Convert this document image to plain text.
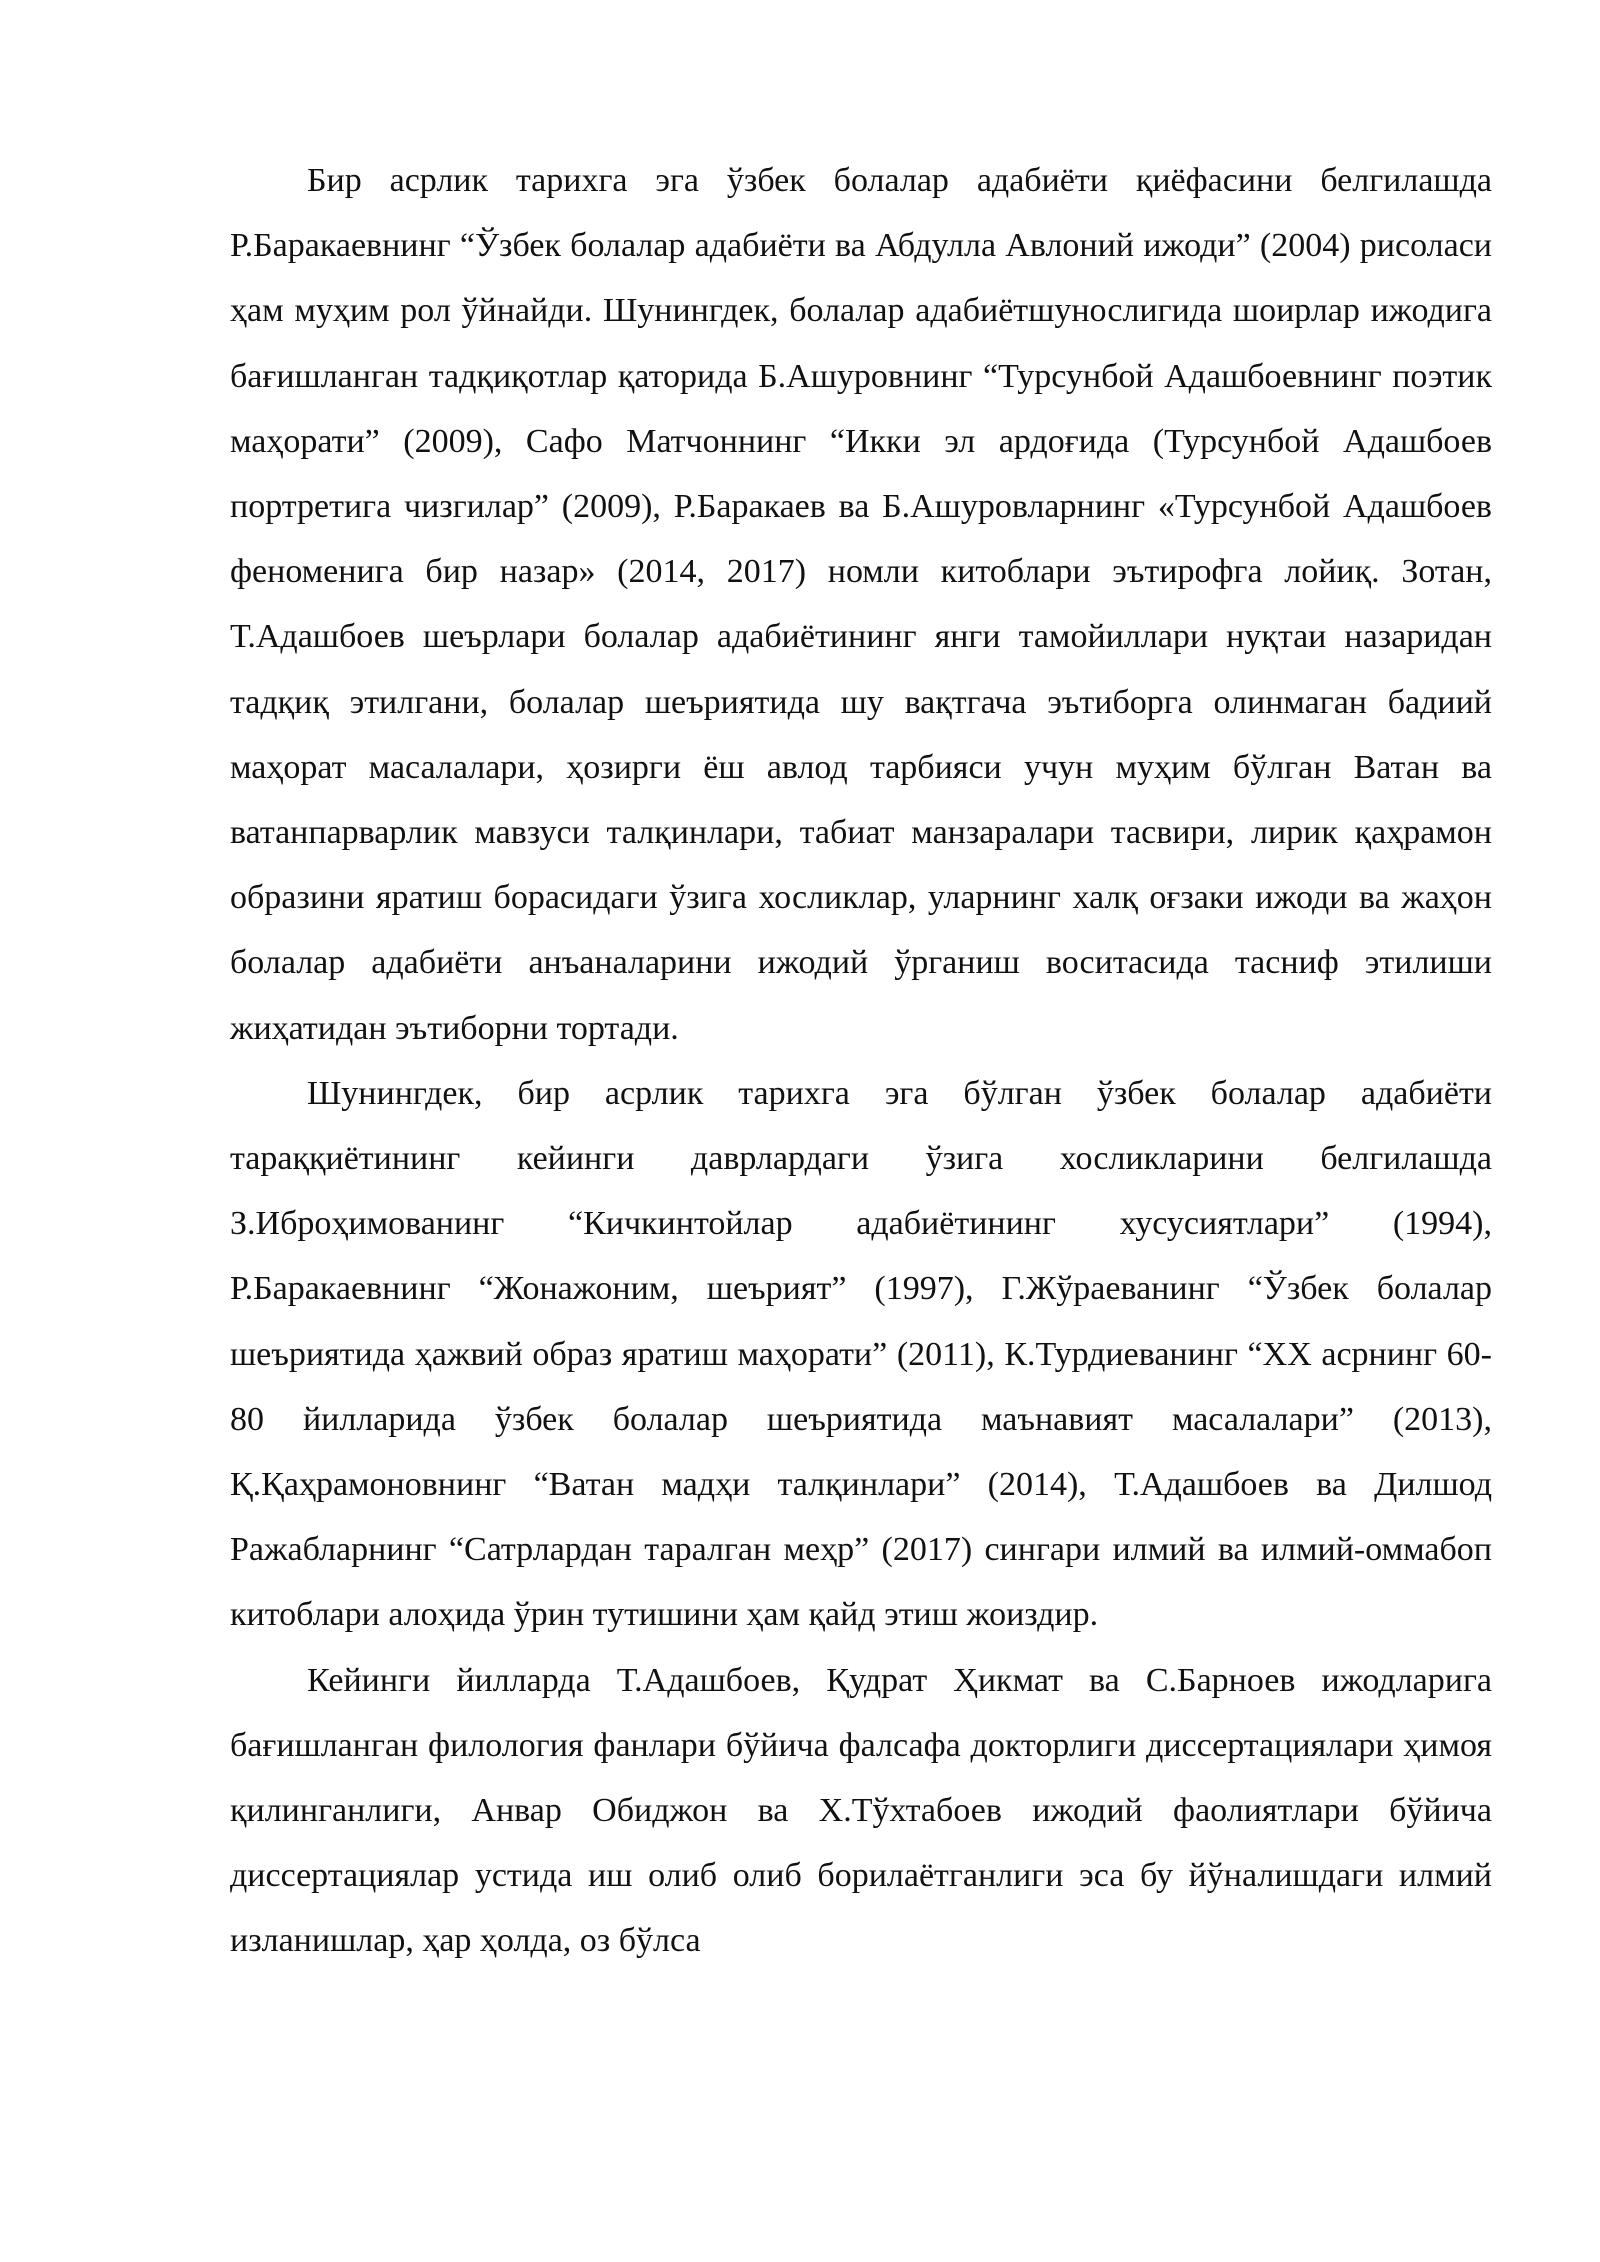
Бир асрлик тарихга эга ўзбек болалар адабиёти қиёфасини белгилашда Р.Баракаевнинг “Ўзбек болалар адабиёти ва Абдулла Авлоний ижоди” (2004) рисоласи ҳам муҳим рол ўйнайди. Шунингдек, болалар адабиётшунослигида шоирлар ижодига бағишланган тадқиқотлар қаторида Б.Ашуровнинг “Турсунбой Адашбоевнинг поэтик маҳорати” (2009), Сафо Матчоннинг “Икки эл ардоғида (Турсунбой Адашбоев портретига чизгилар” (2009), Р.Баракаев ва Б.Ашуровларнинг «Турсунбой Адашбоев феноменига бир назар» (2014, 2017) номли китоблари эътирофга лойиқ. Зотан, Т.Адашбоев шеърлари болалар адабиётининг янги тамойиллари нуқтаи назаридан тадқиқ этилгани, болалар шеъриятида шу вақтгача эътиборга олинмаган бадиий маҳорат масалалари, ҳозирги ёш авлод тарбияси учун муҳим бўлган Ватан ва ватанпарварлик мавзуси талқинлари, табиат манзаралари тасвири, лирик қаҳрамон образини яратиш борасидаги ўзига хосликлар, уларнинг халқ оғзаки ижоди ва жаҳон болалар адабиёти анъаналарини ижодий ўрганиш воситасида тасниф этилиши жиҳатидан эътиборни тортади.

Шунингдек, бир асрлик тарихга эга бўлган ўзбек болалар адабиёти тараққиётининг кейинги даврлардаги ўзига хосликларини белгилашда З.Иброҳимованинг “Кичкинтойлар адабиётининг хусусиятлари” (1994), Р.Баракаевнинг “Жонажоним, шеърият” (1997), Г.Жўраеванинг “Ўзбек болалар шеъриятида ҳажвий образ яратиш маҳорати” (2011), К.Турдиеванинг “XX асрнинг 60-80 йилларида ўзбек болалар шеъриятида маънавият масалалари” (2013), Қ.Қаҳрамоновнинг “Ватан мадҳи талқинлари” (2014), Т.Адашбоев ва Дилшод Ражабларнинг “Сатрлардан таралган меҳр” (2017) сингари илмий ва илмий-оммабоп китоблари алоҳида ўрин тутишини ҳам қайд этиш жоиздир.

Кейинги йилларда Т.Адашбоев, Қудрат Ҳикмат ва С.Барноев ижодларига бағишланган филология фанлари бўйича фалсафа докторлиги диссертациялари ҳимоя қилинганлиги, Анвар Обиджон ва Х.Тўхтабоев ижодий фаолиятлари бўйича диссертациялар устида иш олиб олиб борилаётганлиги эса бу йўналишдаги илмий изланишлар, ҳар ҳолда, оз бўлса
